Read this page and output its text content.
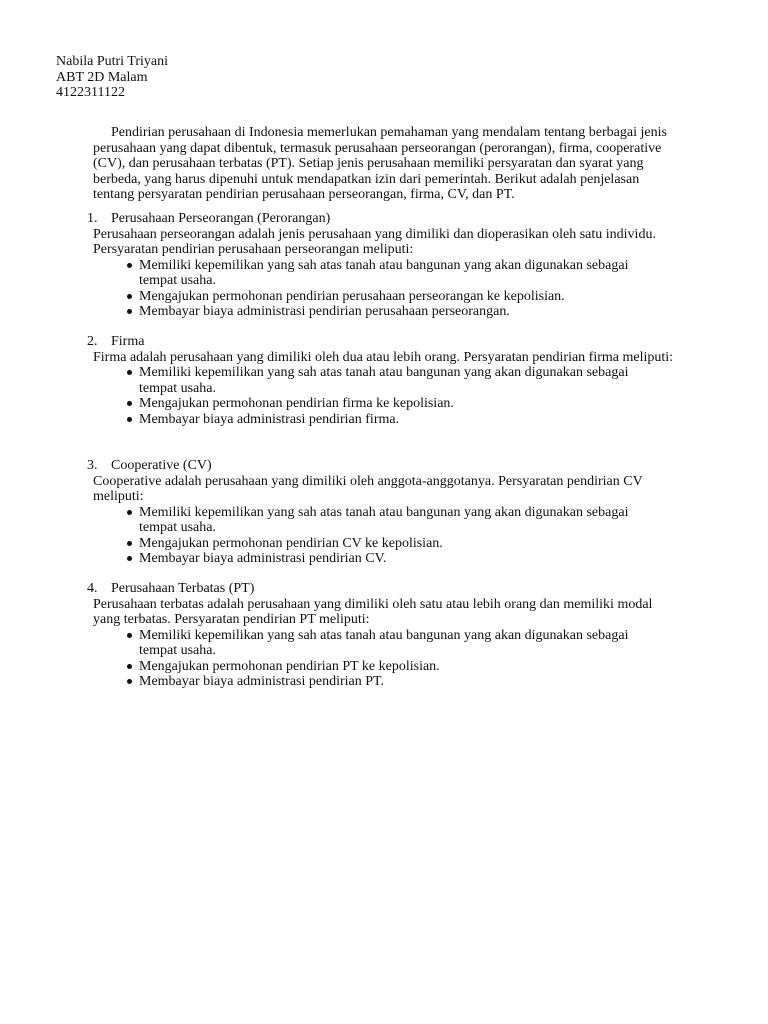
Nabila Putri Triyani
ABT 2D Malam
4122311122

Pendirian perusahaan di Indonesia memerlukan pemahaman yang mendalam tentang berbagai jenis perusahaan yang dapat dibentuk, termasuk perusahaan perseorangan (perorangan), firma, cooperative (CV), dan perusahaan terbatas (PT). Setiap jenis perusahaan memiliki persyaratan dan syarat yang berbeda, yang harus dipenuhi untuk mendapatkan izin dari pemerintah. Berikut adalah penjelasan tentang persyaratan pendirian perusahaan perseorangan, firma, CV, dan PT.

1. Perusahaan Perseorangan (Perorangan)

Perusahaan perseorangan adalah jenis perusahaan yang dimiliki dan dioperasikan oleh satu individu. Persyaratan pendirian perusahaan perseorangan meliputi:

Memiliki kepemilikan yang sah atas tanah atau bangunan yang akan digunakan sebagai tempat usaha.
Mengajukan permohonan pendirian perusahaan perseorangan ke kepolisian.
Membayar biaya administrasi pendirian perusahaan perseorangan.
2. Firma

Firma adalah perusahaan yang dimiliki oleh dua atau lebih orang. Persyaratan pendirian firma meliputi:

Memiliki kepemilikan yang sah atas tanah atau bangunan yang akan digunakan sebagai tempat usaha.
Mengajukan permohonan pendirian firma ke kepolisian.
Membayar biaya administrasi pendirian firma.
3. Cooperative (CV)

Cooperative adalah perusahaan yang dimiliki oleh anggota-anggotanya. Persyaratan pendirian CV meliputi:

Memiliki kepemilikan yang sah atas tanah atau bangunan yang akan digunakan sebagai tempat usaha.
Mengajukan permohonan pendirian CV ke kepolisian.
Membayar biaya administrasi pendirian CV.
4. Perusahaan Terbatas (PT)

Perusahaan terbatas adalah perusahaan yang dimiliki oleh satu atau lebih orang dan memiliki modal yang terbatas. Persyaratan pendirian PT meliputi:

Memiliki kepemilikan yang sah atas tanah atau bangunan yang akan digunakan sebagai tempat usaha.
Mengajukan permohonan pendirian PT ke kepolisian.
Membayar biaya administrasi pendirian PT.
